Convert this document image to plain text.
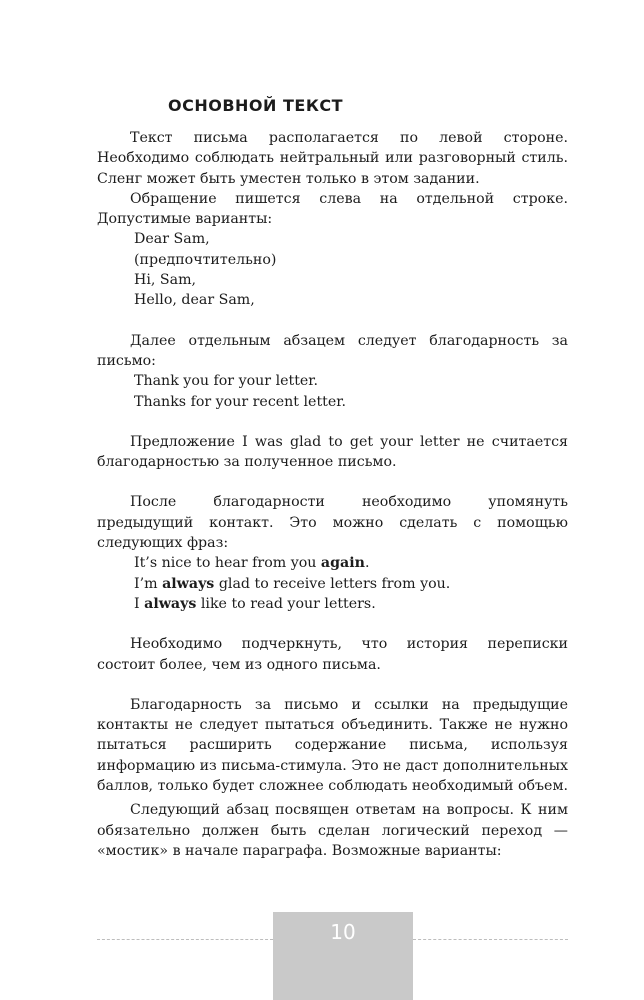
ОСНОВНОЙ ТЕКСТ

Текст письма располагается по левой стороне. Необходимо соблюдать нейтральный или разговорный стиль. Сленг может быть уместен только в этом задании.

Обращение пишется слева на отдельной строке. Допустимые варианты:

Dear Sam,

(предпочтительно)

Hi, Sam,

Hello, dear Sam,

Далее отдельным абзацем следует благодарность за письмо:

Thank you for your letter.

Thanks for your recent letter.

Предложение I was glad to get your letter не считается благодарностью за полученное письмо.

После благодарности необходимо упомянуть предыдущий контакт. Это можно сделать с помощью следующих фраз:

It’s nice to hear from you again.

I’m always glad to receive letters from you.

I always like to read your letters.

Необходимо подчеркнуть, что история переписки состоит более, чем из одного письма.

Благодарность за письмо и ссылки на предыдущие контакты не следует пытаться объединить. Также не нужно пытаться расширить содержание письма, используя информацию из письма-стимула. Это не даст дополнительных баллов, только будет сложнее соблюдать необходимый объем.

Следующий абзац посвящен ответам на вопросы. К ним обязательно должен быть сделан логический переход — «мостик» в начале параграфа. Возможные варианты:

10
